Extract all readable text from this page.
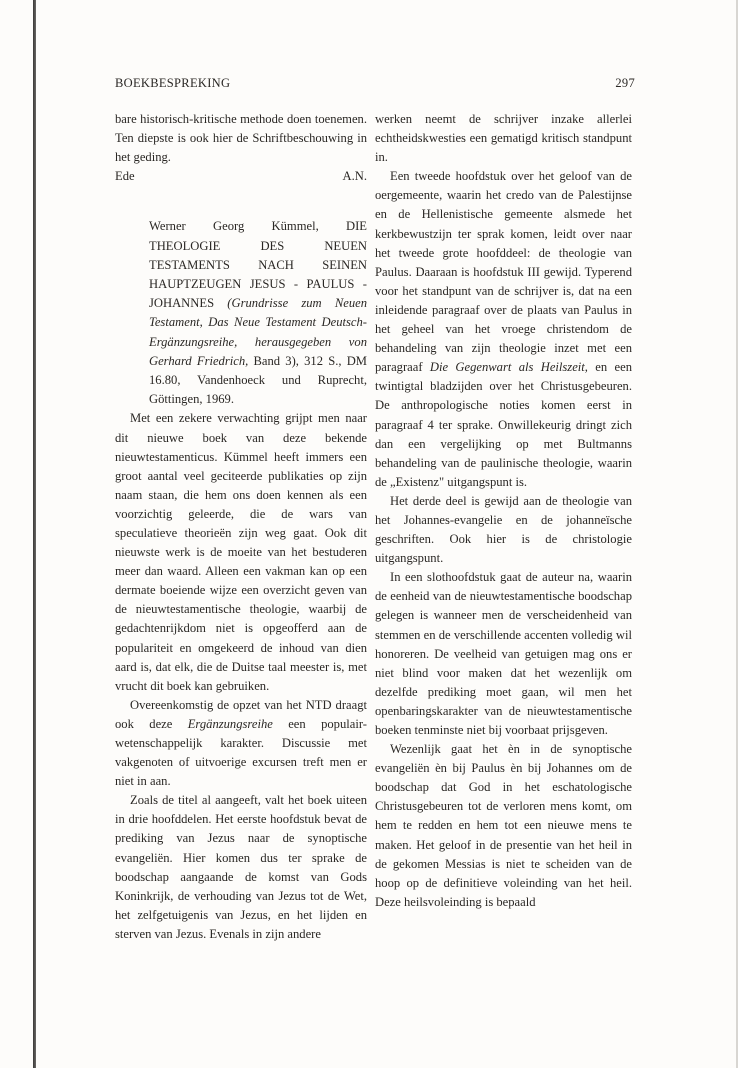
BOEKBESPREKING	297

bare historisch-kritische methode doen toenemen. Ten diepste is ook hier de Schriftbeschouwing in het geding.

Ede	A.N.

Werner Georg Kümmel, DIE THEOLOGIE DES NEUEN TESTAMENTS NACH SEINEN HAUPTZEUGEN JESUS - PAULUS - JOHANNES (Grundrisse zum Neuen Testament, Das Neue Testament Deutsch-Ergänzungsreihe, herausgegeben von Gerhard Friedrich, Band 3), 312 S., DM 16.80, Vandenhoeck und Ruprecht, Göttingen, 1969.

Met een zekere verwachting grijpt men naar dit nieuwe boek van deze bekende nieuwtestamenticus. Kümmel heeft immers een groot aantal veel geciteerde publikaties op zijn naam staan, die hem ons doen kennen als een voorzichtig geleerde, die de wars van speculatieve theorieën zijn weg gaat. Ook dit nieuwste werk is de moeite van het bestuderen meer dan waard. Alleen een vakman kan op een dermate boeiende wijze een overzicht geven van de nieuwtestamentische theologie, waarbij de gedachtenrijkdom niet is opgeofferd aan de populariteit en omgekeerd de inhoud van dien aard is, dat elk, die de Duitse taal meester is, met vrucht dit boek kan gebruiken.

Overeenkomstig de opzet van het NTD draagt ook deze Ergänzungsreihe een populair-wetenschappelijk karakter. Discussie met vakgenoten of uitvoerige excursen treft men er niet in aan.

Zoals de titel al aangeeft, valt het boek uiteen in drie hoofddelen. Het eerste hoofdstuk bevat de prediking van Jezus naar de synoptische evangeliën. Hier komen dus ter sprake de boodschap aangaande de komst van Gods Koninkrijk, de verhouding van Jezus tot de Wet, het zelfgetuigenis van Jezus, en het lijden en sterven van Jezus. Evenals in zijn andere

werken neemt de schrijver inzake allerlei echtheidskwesties een gematigd kritisch standpunt in.

Een tweede hoofdstuk over het geloof van de oergemeente, waarin het credo van de Palestijnse en de Hellenistische gemeente alsmede het kerkbewustzijn ter sprak komen, leidt over naar het tweede grote hoofddeel: de theologie van Paulus. Daaraan is hoofdstuk III gewijd. Typerend voor het standpunt van de schrijver is, dat na een inleidende paragraaf over de plaats van Paulus in het geheel van het vroege christendom de behandeling van zijn theologie inzet met een paragraaf Die Gegenwart als Heilszeit, en een twintigtal bladzijden over het Christusgebeuren. De anthropologische noties komen eerst in paragraaf 4 ter sprake. Onwillekeurig dringt zich dan een vergelijking op met Bultmanns behandeling van de paulinische theologie, waarin de „Existenz" uitgangspunt is.

Het derde deel is gewijd aan de theologie van het Johannes-evangelie en de johanneïsche geschriften. Ook hier is de christologie uitgangspunt.

In een slothoofdstuk gaat de auteur na, waarin de eenheid van de nieuwtestamentische boodschap gelegen is wanneer men de verscheidenheid van stemmen en de verschillende accenten volledig wil honoreren. De veelheid van getuigen mag ons er niet blind voor maken dat het wezenlijk om dezelfde prediking moet gaan, wil men het openbaringskarakter van de nieuwtestamentische boeken tenminste niet bij voorbaat prijsgeven.

Wezenlijk gaat het èn in de synoptische evangeliën èn bij Paulus èn bij Johannes om de boodschap dat God in het eschatologische Christusgebeuren tot de verloren mens komt, om hem te redden en hem tot een nieuwe mens te maken. Het geloof in de presentie van het heil in de gekomen Messias is niet te scheiden van de hoop op de definitieve voleinding van het heil. Deze heilsvoleinding is bepaald
